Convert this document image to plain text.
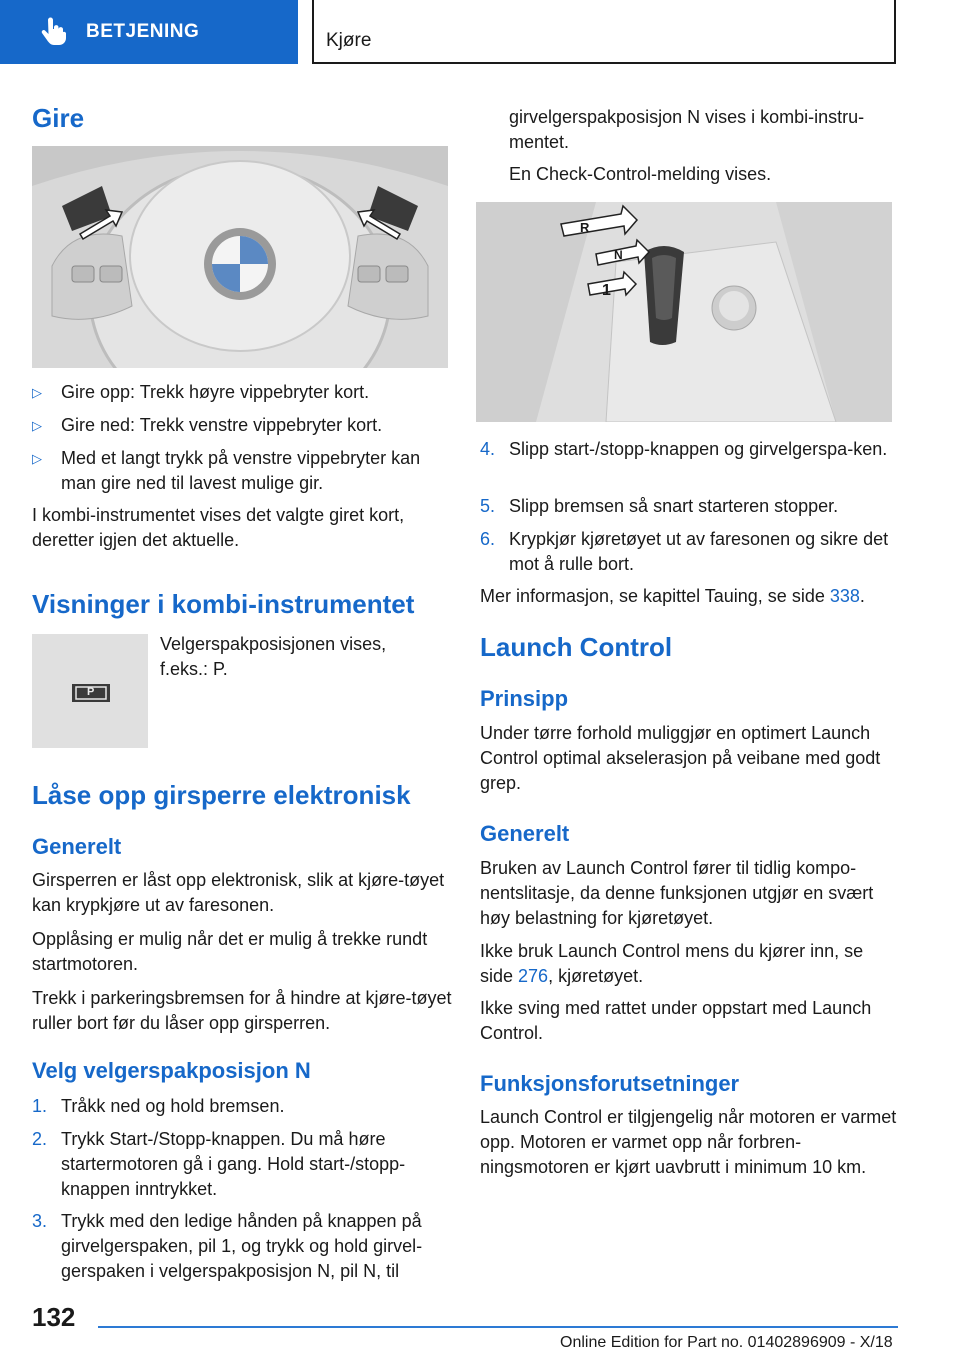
BETJENING	Kjøre
Gire
▷ Gire opp: Trekk høyre vippebryter kort.
▷ Gire ned: Trekk venstre vippebryter kort.
▷ Med et langt trykk på venstre vippebryter kan man gire ned til lavest mulige gir.

I kombi-instrumentet vises det valgte giret kort, deretter igjen det aktuelle.

Visninger i kombi-instrumentet
P

Velgerspakposisjonen vises, f.eks.: P.

Låse opp girsperre elektronisk
Generelt

Girsperren er låst opp elektronisk, slik at kjøre-tøyet kan krypkjøre ut av faresonen.

Opplåsing er mulig når det er mulig å trekke rundt startmotoren.

Trekk i parkeringsbremsen for å hindre at kjøre-tøyet ruller bort før du låser opp girsperren.

Velg velgerspakposisjon N
1. Tråkk ned og hold bremsen.
2. Trykk Start-/Stopp-knappen. Du må høre startermotoren gå i gang. Hold start-/stopp-knappen inntrykket.
3. Trykk med den ledige hånden på knappen på girvelgerspaken, pil 1, og trykk og hold girvel-gerspaken i velgerspakposisjon N, pil N, til

girvelgerspakposisjon N vises i kombi-instru-mentet.

En Check-Control-melding vises.

R
N
1
4. Slipp start-/stopp-knappen og girvelgerspa-ken.
5. Slipp bremsen så snart starteren stopper.
6. Krypkjør kjøretøyet ut av faresonen og sikre det mot å rulle bort.

Mer informasjon, se kapittel Tauing, se side 338.

Launch Control
Prinsipp

Under tørre forhold muliggjør en optimert Launch Control optimal akselerasjon på veibane med godt grep.

Generelt

Bruken av Launch Control fører til tidlig kompo-nentslitasje, da denne funksjonen utgjør en svært høy belastning for kjøretøyet.

Ikke bruk Launch Control mens du kjører inn, se side 276, kjøretøyet.

Ikke sving med rattet under oppstart med Launch Control.

Funksjonsforutsetninger

Launch Control er tilgjengelig når motoren er varmet opp. Motoren er varmet opp når forbren-ningsmotoren er kjørt uavbrutt i minimum 10 km.

132
Online Edition for Part no. 01402896909 - X/18
